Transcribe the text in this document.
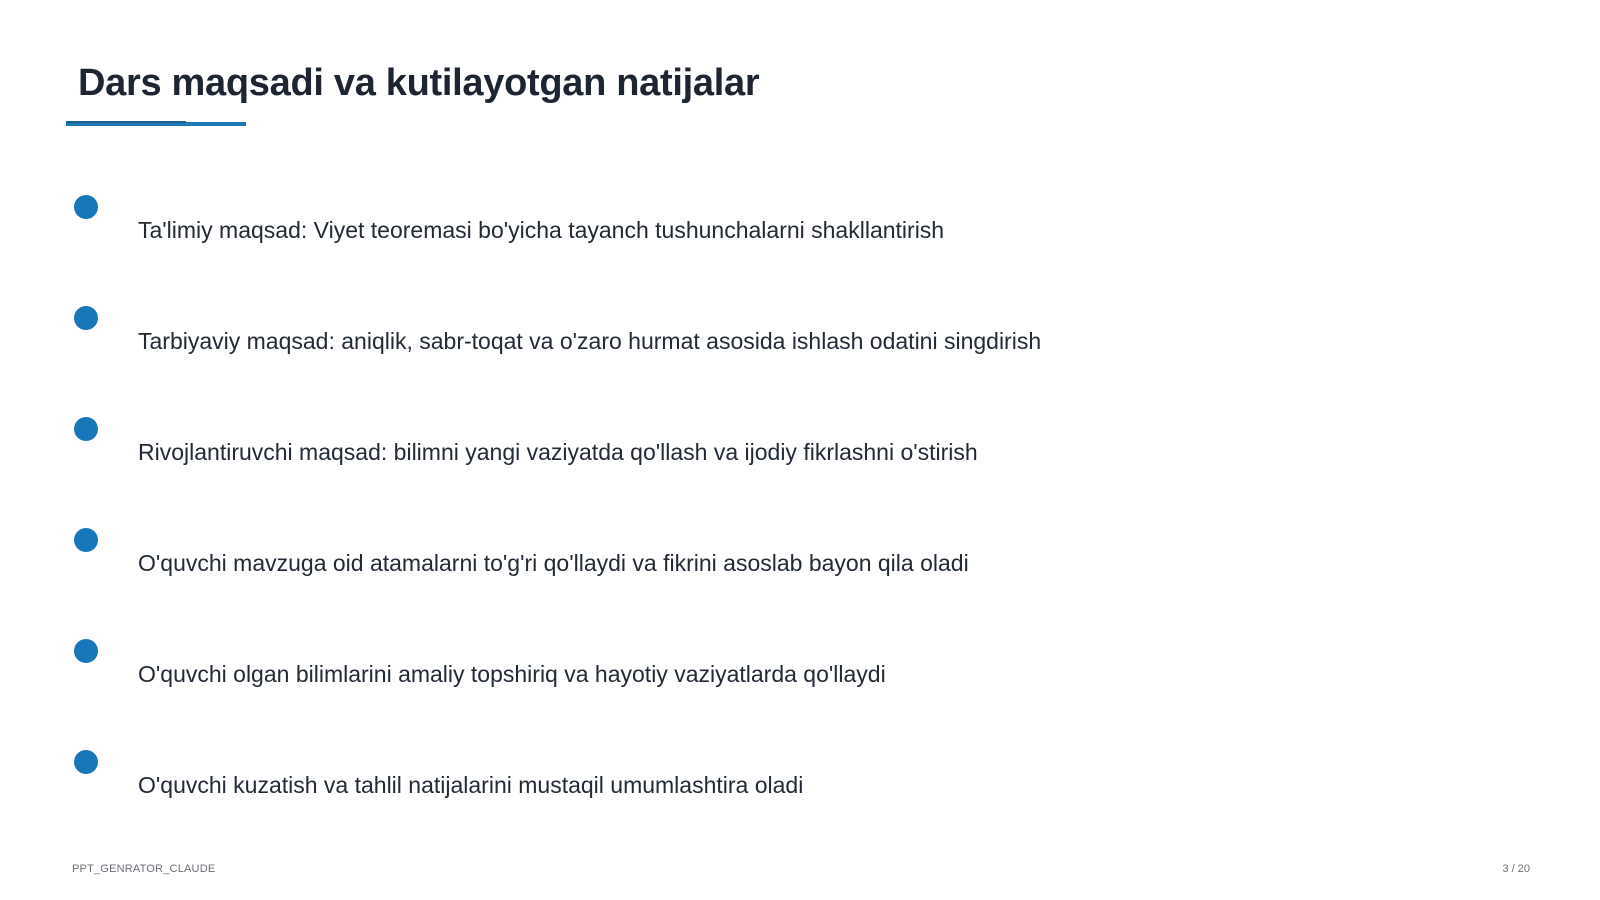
Dars maqsadi va kutilayotgan natijalar
Ta'limiy maqsad: Viyet teoremasi bo'yicha tayanch tushunchalarni shakllantirish
Tarbiyaviy maqsad: aniqlik, sabr-toqat va o'zaro hurmat asosida ishlash odatini singdirish
Rivojlantiruvchi maqsad: bilimni yangi vaziyatda qo'llash va ijodiy fikrlashni o'stirish
O'quvchi mavzuga oid atamalarni to'g'ri qo'llaydi va fikrini asoslab bayon qila oladi
O'quvchi olgan bilimlarini amaliy topshiriq va hayotiy vaziyatlarda qo'llaydi
O'quvchi kuzatish va tahlil natijalarini mustaqil umumlashtira oladi
PPT_GENRATOR_CLAUDE	3 / 20
